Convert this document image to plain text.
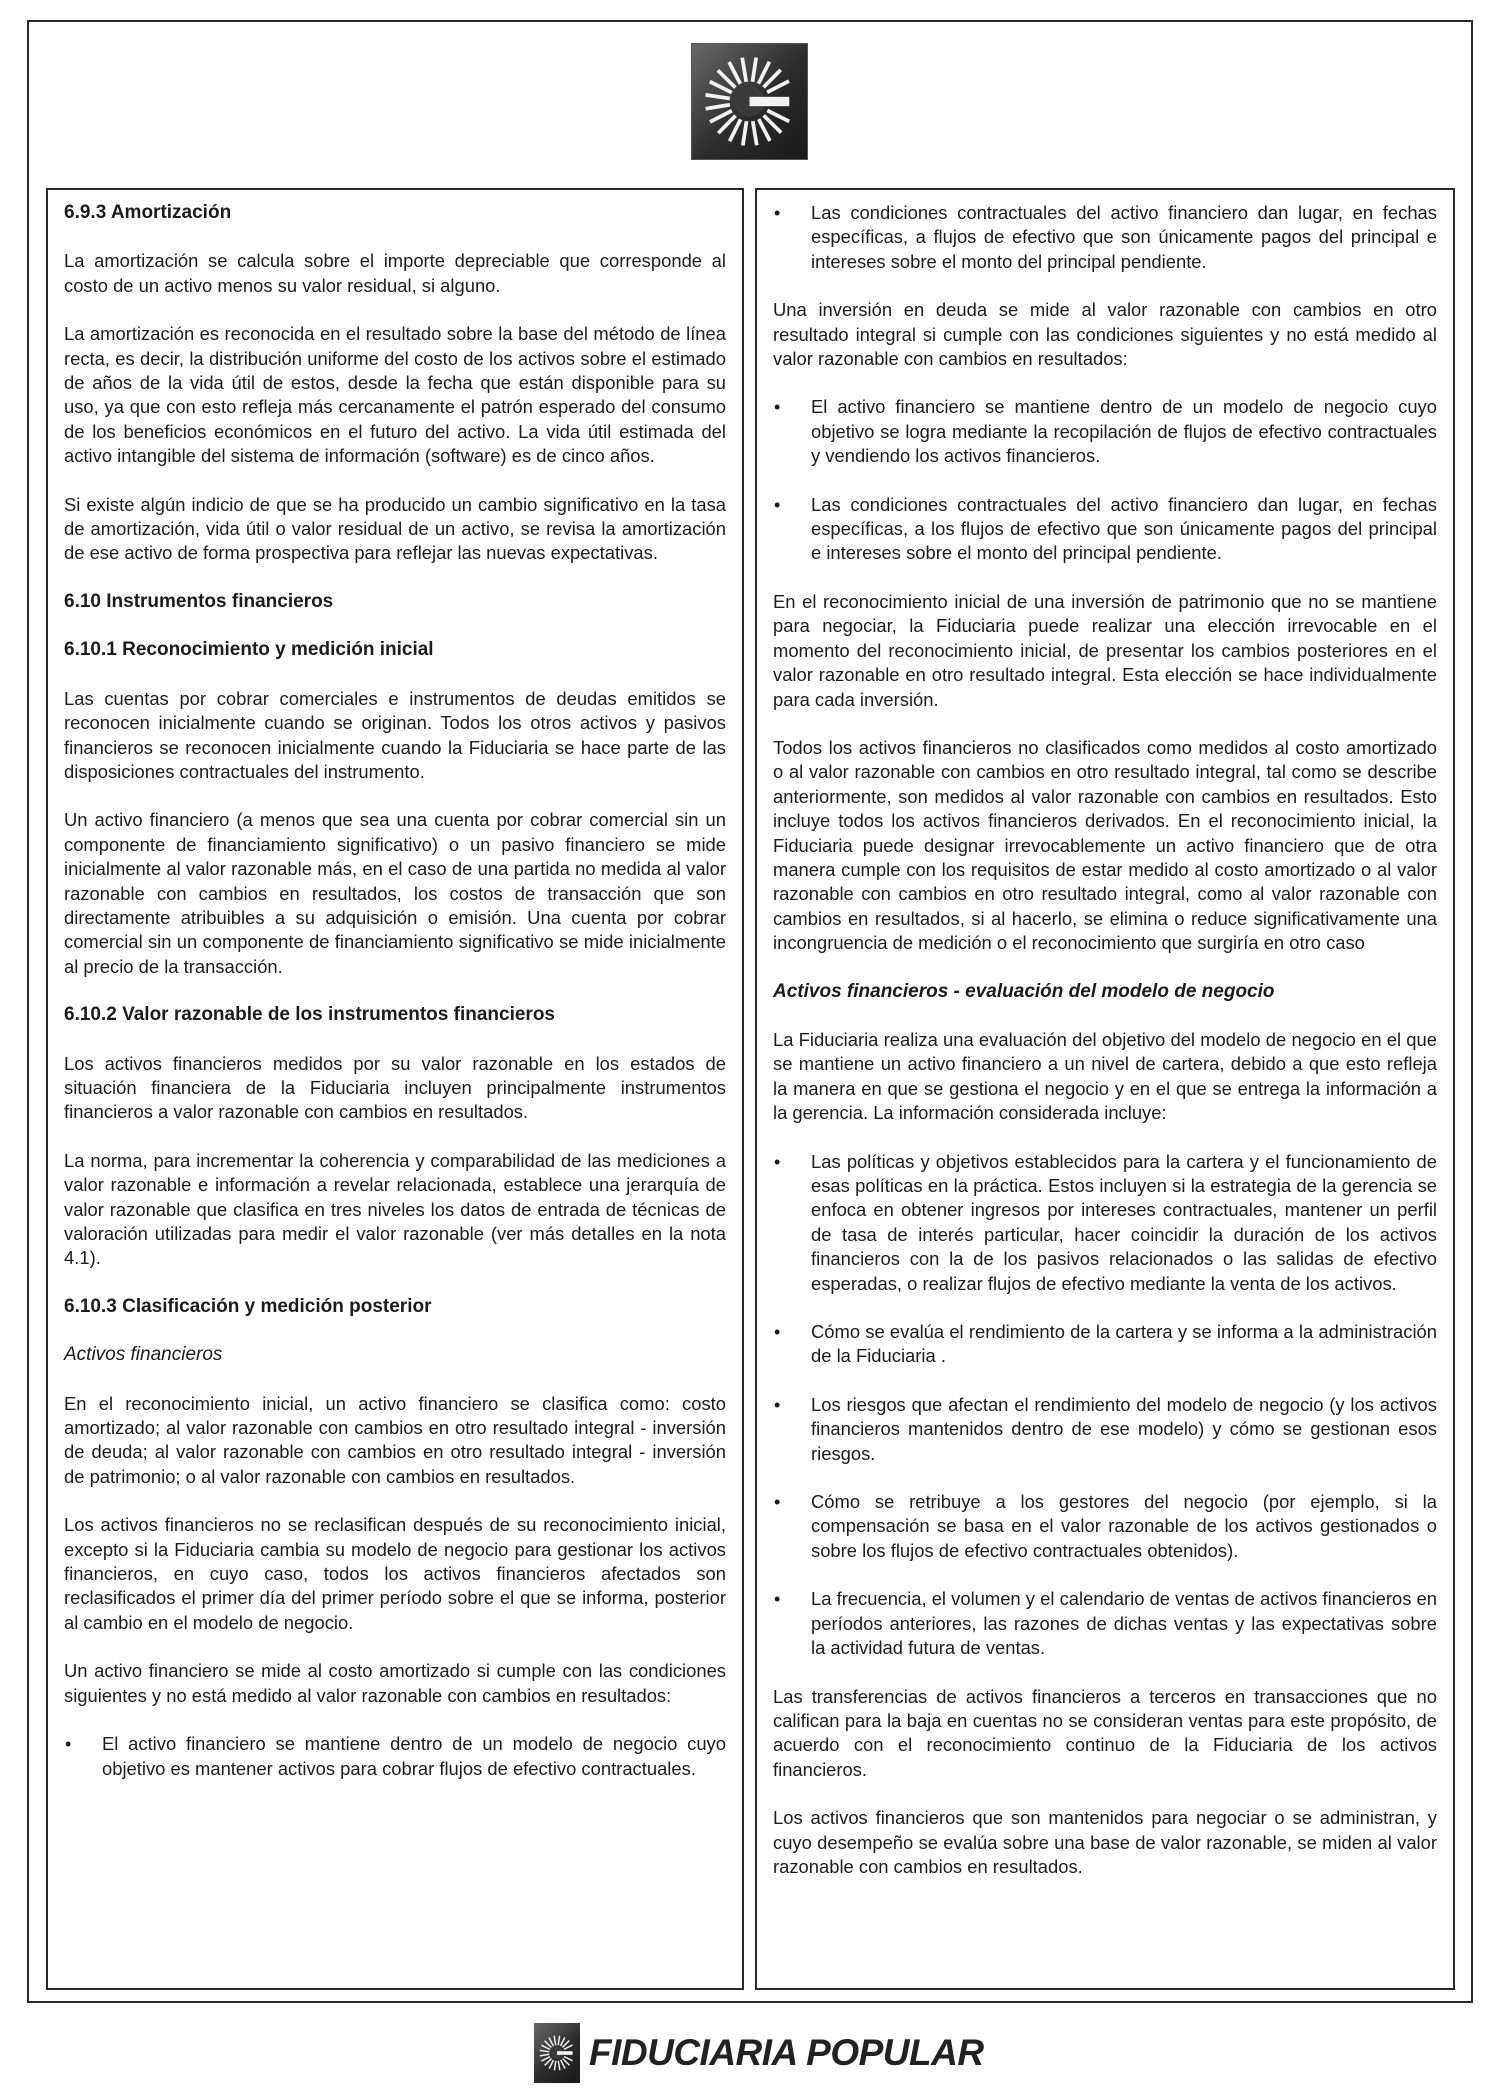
6.9.3 Amortización

La amortización se calcula sobre el importe depreciable que corresponde al costo de un activo menos su valor residual, si alguno.

La amortización es reconocida en el resultado sobre la base del método de línea recta, es decir, la distribución uniforme del costo de los activos sobre el estimado de años de la vida útil de estos, desde la fecha que están disponible para su uso, ya que con esto refleja más cercanamente el patrón esperado del consumo de los beneficios económicos en el futuro del activo. La vida útil estimada del activo intangible del sistema de información (software) es de cinco años.

Si existe algún indicio de que se ha producido un cambio significativo en la tasa de amortización, vida útil o valor residual de un activo, se revisa la amortización de ese activo de forma prospectiva para reflejar las nuevas expectativas.

6.10 Instrumentos financieros
6.10.1 Reconocimiento y medición inicial

Las cuentas por cobrar comerciales e instrumentos de deudas emitidos se reconocen inicialmente cuando se originan. Todos los otros activos y pasivos financieros se reconocen inicialmente cuando la Fiduciaria se hace parte de las disposiciones contractuales del instrumento.

Un activo financiero (a menos que sea una cuenta por cobrar comercial sin un componente de financiamiento significativo) o un pasivo financiero se mide inicialmente al valor razonable más, en el caso de una partida no medida al valor razonable con cambios en resultados, los costos de transacción que son directamente atribuibles a su adquisición o emisión. Una cuenta por cobrar comercial sin un componente de financiamiento significativo se mide inicialmente al precio de la transacción.

6.10.2 Valor razonable de los instrumentos financieros

Los activos financieros medidos por su valor razonable en los estados de situación financiera de la Fiduciaria incluyen principalmente instrumentos financieros a valor razonable con cambios en resultados.

La norma, para incrementar la coherencia y comparabilidad de las mediciones a valor razonable e información a revelar relacionada, establece una jerarquía de valor razonable que clasifica en tres niveles los datos de entrada de técnicas de valoración utilizadas para medir el valor razonable (ver más detalles en la nota 4.1).

6.10.3 Clasificación y medición posterior
Activos financieros

En el reconocimiento inicial, un activo financiero se clasifica como: costo amortizado; al valor razonable con cambios en otro resultado integral - inversión de deuda; al valor razonable con cambios en otro resultado integral - inversión de patrimonio; o al valor razonable con cambios en resultados.

Los activos financieros no se reclasifican después de su reconocimiento inicial, excepto si la Fiduciaria cambia su modelo de negocio para gestionar los activos financieros, en cuyo caso, todos los activos financieros afectados son reclasificados el primer día del primer período sobre el que se informa, posterior al cambio en el modelo de negocio.

Un activo financiero se mide al costo amortizado si cumple con las condiciones siguientes y no está medido al valor razonable con cambios en resultados:

• El activo financiero se mantiene dentro de un modelo de negocio cuyo objetivo es mantener activos para cobrar flujos de efectivo contractuales.
• Las condiciones contractuales del activo financiero dan lugar, en fechas específicas, a flujos de efectivo que son únicamente pagos del principal e intereses sobre el monto del principal pendiente.

Una inversión en deuda se mide al valor razonable con cambios en otro resultado integral si cumple con las condiciones siguientes y no está medido al valor razonable con cambios en resultados:

• El activo financiero se mantiene dentro de un modelo de negocio cuyo objetivo se logra mediante la recopilación de flujos de efectivo contractuales y vendiendo los activos financieros.
• Las condiciones contractuales del activo financiero dan lugar, en fechas específicas, a los flujos de efectivo que son únicamente pagos del principal e intereses sobre el monto del principal pendiente.

En el reconocimiento inicial de una inversión de patrimonio que no se mantiene para negociar, la Fiduciaria puede realizar una elección irrevocable en el momento del reconocimiento inicial, de presentar los cambios posteriores en el valor razonable en otro resultado integral. Esta elección se hace individualmente para cada inversión.

Todos los activos financieros no clasificados como medidos al costo amortizado o al valor razonable con cambios en otro resultado integral, tal como se describe anteriormente, son medidos al valor razonable con cambios en resultados. Esto incluye todos los activos financieros derivados. En el reconocimiento inicial, la Fiduciaria puede designar irrevocablemente un activo financiero que de otra manera cumple con los requisitos de estar medido al costo amortizado o al valor razonable con cambios en otro resultado integral, como al valor razonable con cambios en resultados, si al hacerlo, se elimina o reduce significativamente una incongruencia de medición o el reconocimiento que surgiría en otro caso

Activos financieros - evaluación del modelo de negocio

La Fiduciaria realiza una evaluación del objetivo del modelo de negocio en el que se mantiene un activo financiero a un nivel de cartera, debido a que esto refleja la manera en que se gestiona el negocio y en el que se entrega la información a la gerencia. La información considerada incluye:

• Las políticas y objetivos establecidos para la cartera y el funcionamiento de esas políticas en la práctica. Estos incluyen si la estrategia de la gerencia se enfoca en obtener ingresos por intereses contractuales, mantener un perfil de tasa de interés particular, hacer coincidir la duración de los activos financieros con la de los pasivos relacionados o las salidas de efectivo esperadas, o realizar flujos de efectivo mediante la venta de los activos.
• Cómo se evalúa el rendimiento de la cartera y se informa a la administración de la Fiduciaria .
• Los riesgos que afectan el rendimiento del modelo de negocio (y los activos financieros mantenidos dentro de ese modelo) y cómo se gestionan esos riesgos.
• Cómo se retribuye a los gestores del negocio (por ejemplo, si la compensación se basa en el valor razonable de los activos gestionados o sobre los flujos de efectivo contractuales obtenidos).
• La frecuencia, el volumen y el calendario de ventas de activos financieros en períodos anteriores, las razones de dichas ventas y las expectativas sobre la actividad futura de ventas.

Las transferencias de activos financieros a terceros en transacciones que no califican para la baja en cuentas no se consideran ventas para este propósito, de acuerdo con el reconocimiento continuo de la Fiduciaria de los activos financieros.

Los activos financieros que son mantenidos para negociar o se administran, y cuyo desempeño se evalúa sobre una base de valor razonable, se miden al valor razonable con cambios en resultados.

FIDUCIARIA POPULAR
